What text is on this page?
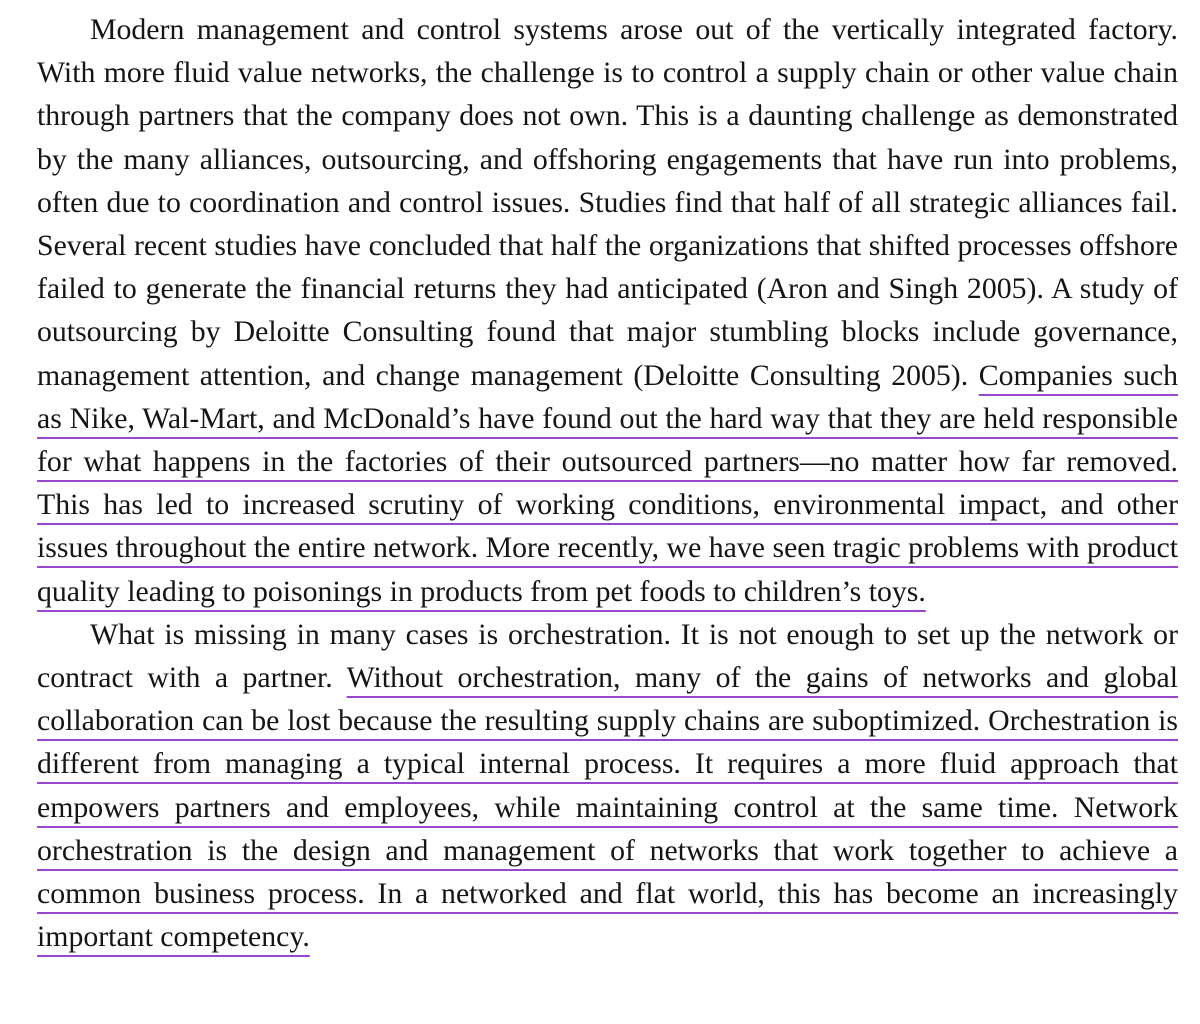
Modern management and control systems arose out of the vertically integrated factory. With more fluid value networks, the challenge is to control a supply chain or other value chain through partners that the company does not own. This is a daunting challenge as demonstrated by the many alliances, outsourcing, and offshoring engagements that have run into problems, often due to coordination and control issues. Studies find that half of all strategic alliances fail. Several recent studies have concluded that half the organizations that shifted processes offshore failed to generate the financial returns they had anticipated (Aron and Singh 2005). A study of outsourcing by Deloitte Consulting found that major stumbling blocks include governance, management attention, and change management (Deloitte Consulting 2005). Companies such as Nike, Wal-Mart, and McDonald’s have found out the hard way that they are held responsible for what happens in the factories of their outsourced partners—no matter how far removed. This has led to increased scrutiny of working conditions, environmental impact, and other issues throughout the entire network. More recently, we have seen tragic problems with product quality leading to poisonings in products from pet foods to children’s toys.

What is missing in many cases is orchestration. It is not enough to set up the network or contract with a partner. Without orchestration, many of the gains of networks and global collaboration can be lost because the resulting supply chains are suboptimized. Orchestration is different from managing a typical internal process. It requires a more fluid approach that empowers partners and employees, while maintaining control at the same time. Network orchestration is the design and management of networks that work together to achieve a common business process. In a networked and flat world, this has become an increasingly important competency.
